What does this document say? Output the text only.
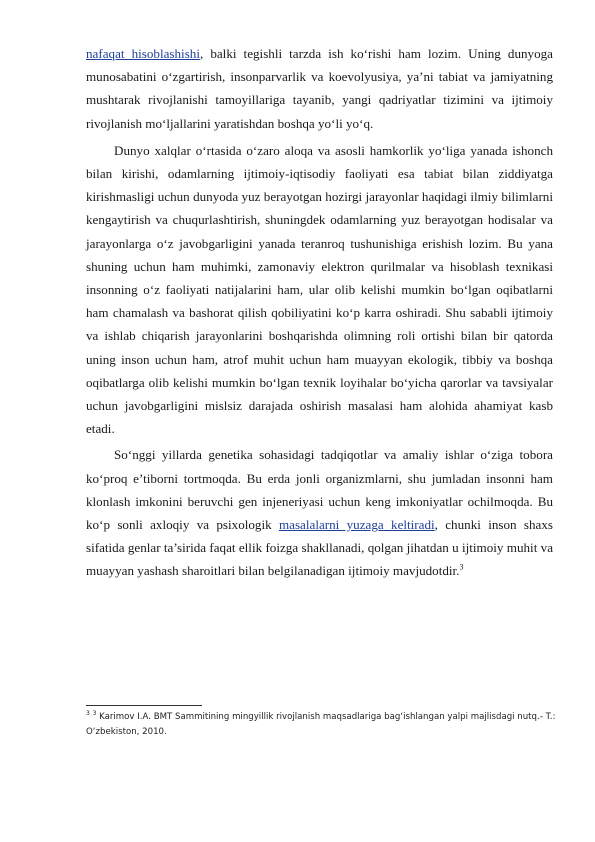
nafaqat hisoblashishi, balki tegishli tarzda ish ko‘rishi ham lozim. Uning dunyoga munosabatini o‘zgartirish, insonparvarlik va koevolyusiya, ya’ni tabiat va jamiyatning mushtarak rivojlanishi tamoyillariga tayanib, yangi qadriyatlar tizimini va ijtimoiy rivojlanish mo‘ljallarini yaratishdan boshqa yo‘li yo‘q.

Dunyo xalqlar o‘rtasida o‘zaro aloqa va asosli hamkorlik yo‘liga yanada ishonch bilan kirishi, odamlarning ijtimoiy-iqtisodiy faoliyati esa tabiat bilan ziddiyatga kirishmasligi uchun dunyoda yuz berayotgan hozirgi jarayonlar haqidagi ilmiy bilimlarni kengaytirish va chuqurlashtirish, shuningdek odamlarning yuz berayotgan hodisalar va jarayonlarga o‘z javobgarligini yanada teranroq tushunishiga erishish lozim. Bu yana shuning uchun ham muhimki, zamonaviy elektron qurilmalar va hisoblash texnikasi insonning o‘z faoliyati natijalarini ham, ular olib kelishi mumkin bo‘lgan oqibatlarni ham chamalash va bashorat qilish qobiliyatini ko‘p karra oshiradi. Shu sababli ijtimoiy va ishlab chiqarish jarayonlarini boshqarishda olimning roli ortishi bilan bir qatorda uning inson uchun ham, atrof muhit uchun ham muayyan ekologik, tibbiy va boshqa oqibatlarga olib kelishi mumkin bo‘lgan texnik loyihalar bo‘yicha qarorlar va tavsiyalar uchun javobgarligini mislsiz darajada oshirish masalasi ham alohida ahamiyat kasb etadi.

So‘nggi yillarda genetika sohasidagi tadqiqotlar va amaliy ishlar o‘ziga tobora ko‘proq e’tiborni tortmoqda. Bu erda jonli organizmlarni, shu jumladan insonni ham klonlash imkonini beruvchi gen injeneriyasi uchun keng imkoniyatlar ochilmoqda. Bu ko‘p sonli axloqiy va psixologik masalalarni yuzaga keltiradi, chunki inson shaxs sifatida genlar ta’sirida faqat ellik foizga shakllanadi, qolgan jihatdan u ijtimoiy muhit va muayyan yashash sharoitlari bilan belgilanadigan ijtimoiy mavjudotdir.$^3$

$^3$ $^3$ Karimov I.A. BMT Sammitining mingyillik rivojlanish maqsadlariga bag‘ishlangan yalpi majlisdagi nutq.- T.: O‘zbekiston, 2010.
